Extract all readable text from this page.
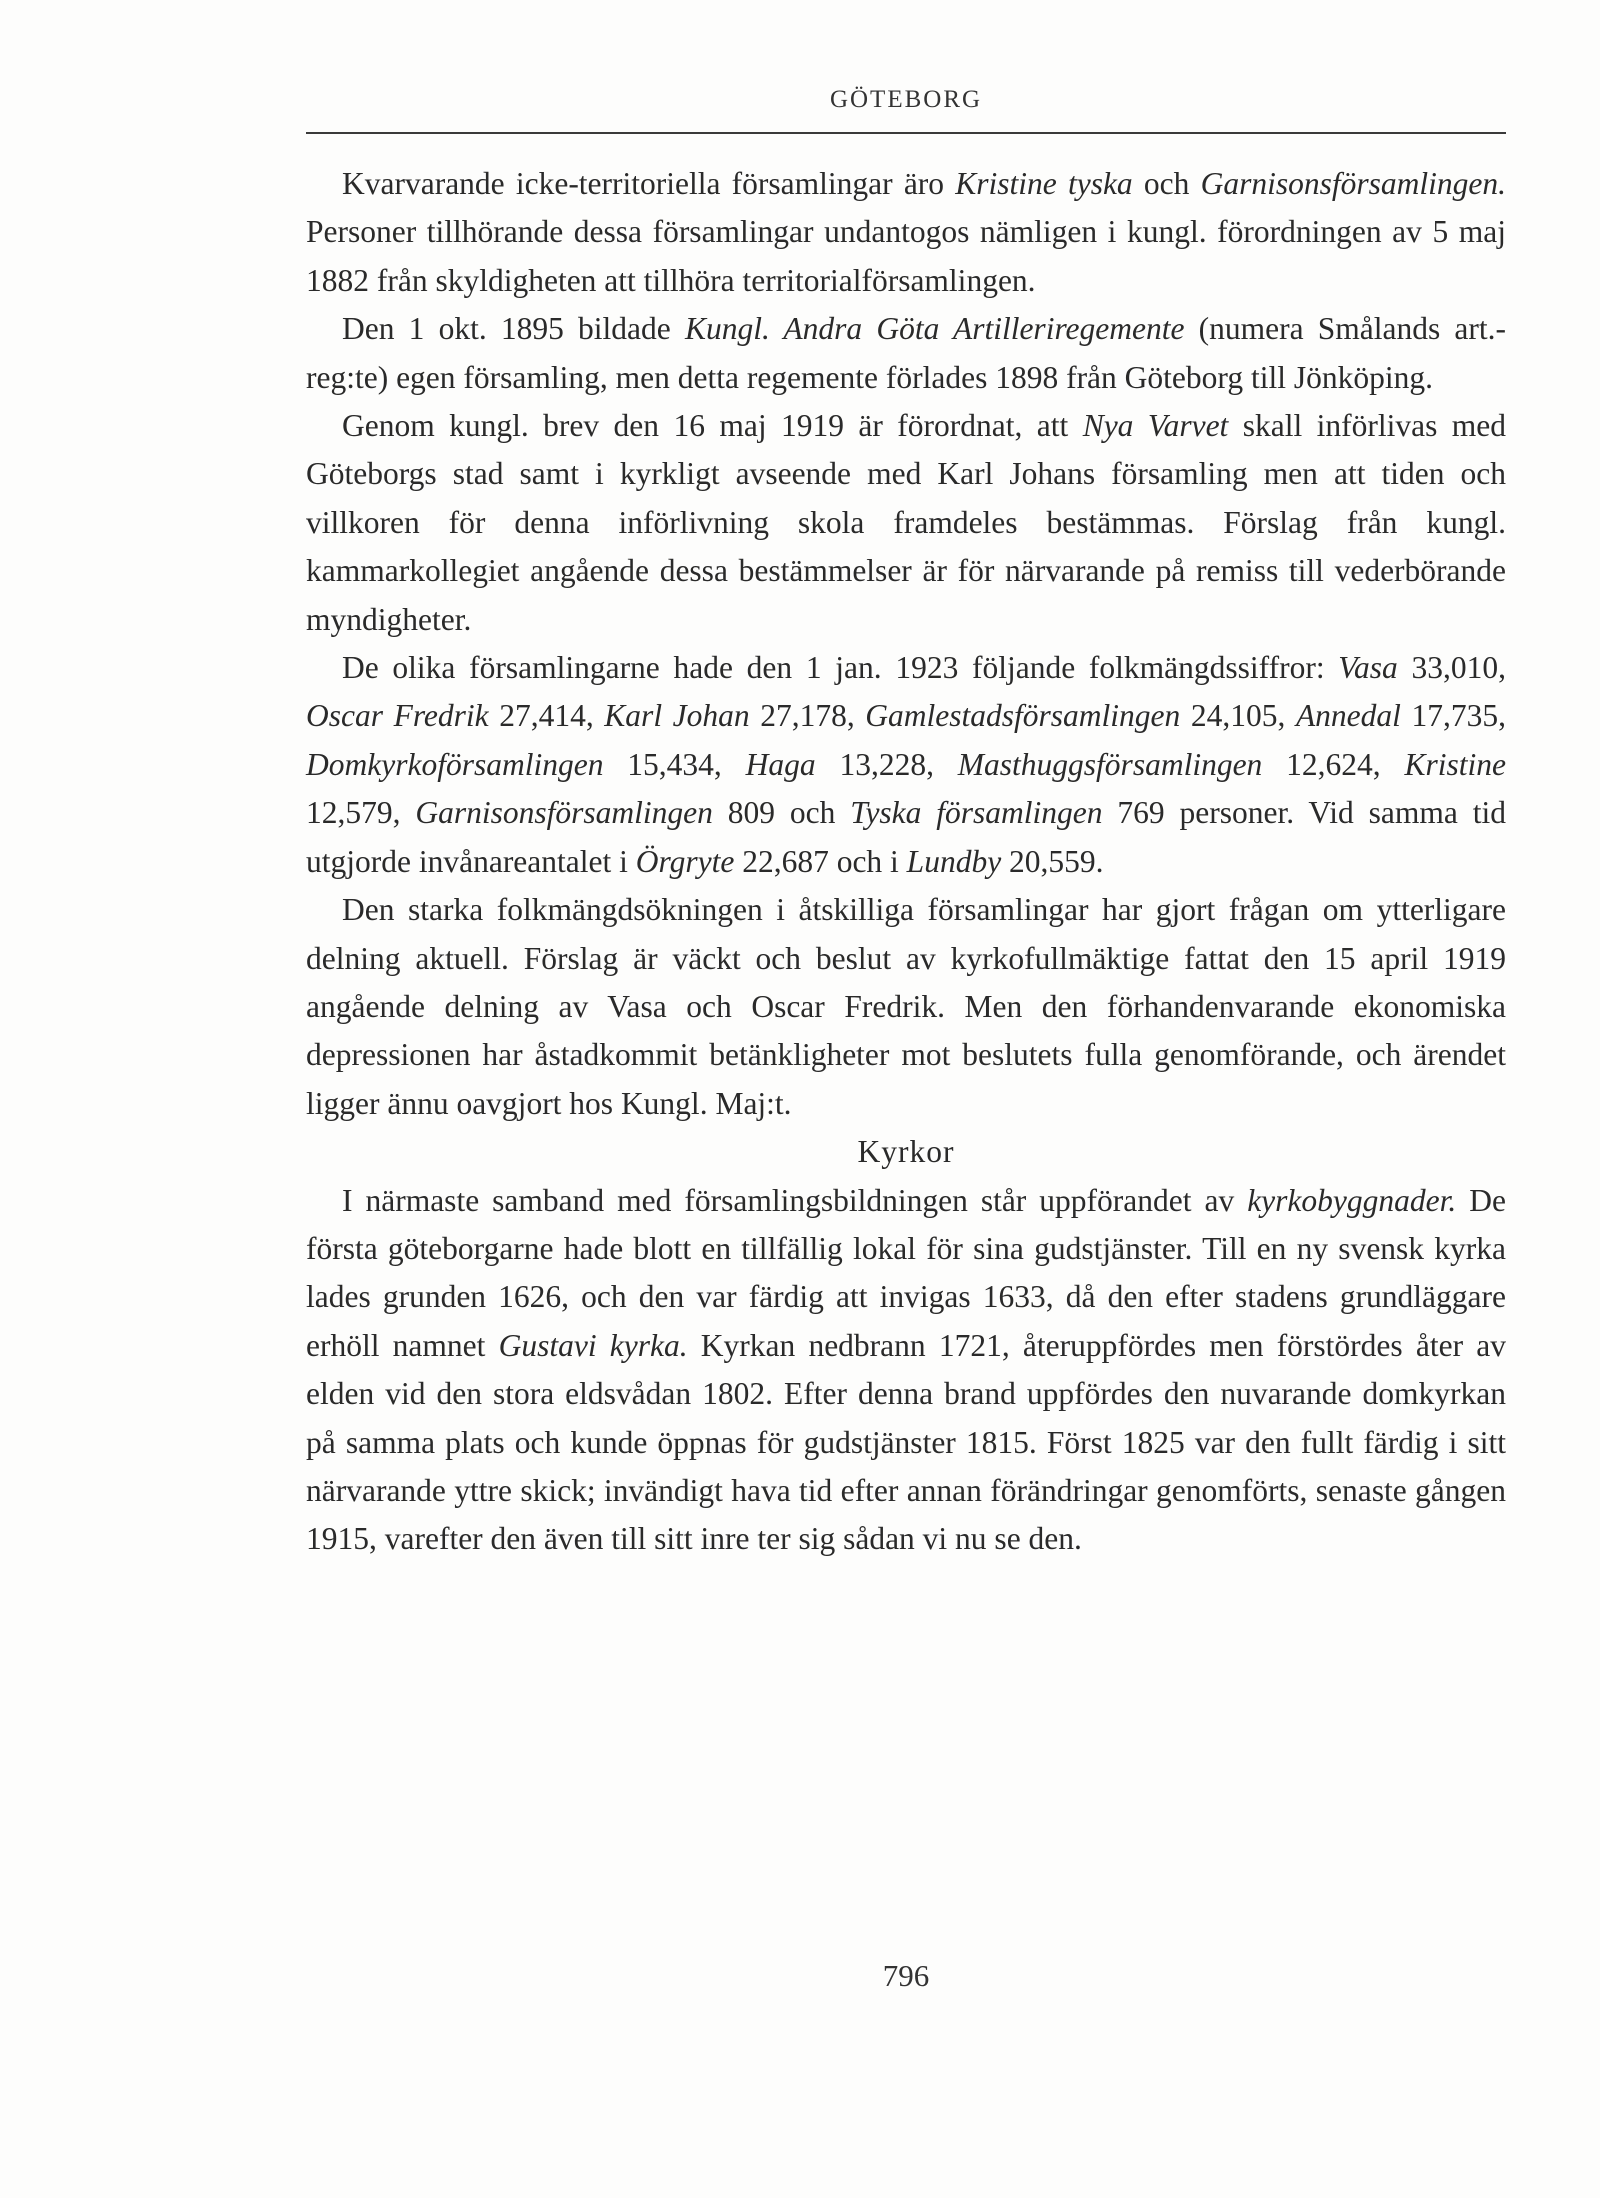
GÖTEBORG

Kvarvarande icke-territoriella församlingar äro Kristine tyska och Garnisonsförsamlingen. Personer tillhörande dessa församlingar undantogos nämligen i kungl. förordningen av 5 maj 1882 från skyldigheten att tillhöra territorialförsamlingen.

Den 1 okt. 1895 bildade Kungl. Andra Göta Artilleriregemente (numera Smålands art.-reg:te) egen församling, men detta regemente förlades 1898 från Göteborg till Jönköping.

Genom kungl. brev den 16 maj 1919 är förordnat, att Nya Varvet skall införlivas med Göteborgs stad samt i kyrkligt avseende med Karl Johans församling men att tiden och villkoren för denna införlivning skola framdeles bestämmas. Förslag från kungl. kammarkollegiet angående dessa bestämmelser är för närvarande på remiss till vederbörande myndigheter.

De olika församlingarne hade den 1 jan. 1923 följande folkmängdssiffror: Vasa 33,010, Oscar Fredrik 27,414, Karl Johan 27,178, Gamlestadsförsamlingen 24,105, Annedal 17,735, Domkyrkoförsamlingen 15,434, Haga 13,228, Masthuggsförsamlingen 12,624, Kristine 12,579, Garnisonsförsamlingen 809 och Tyska församlingen 769 personer. Vid samma tid utgjorde invånareantalet i Örgryte 22,687 och i Lundby 20,559.

Den starka folkmängdsökningen i åtskilliga församlingar har gjort frågan om ytterligare delning aktuell. Förslag är väckt och beslut av kyrkofullmäktige fattat den 15 april 1919 angående delning av Vasa och Oscar Fredrik. Men den förhandenvarande ekonomiska depressionen har åstadkommit betänkligheter mot beslutets fulla genomförande, och ärendet ligger ännu oavgjort hos Kungl. Maj:t.

Kyrkor

I närmaste samband med församlingsbildningen står uppförandet av kyrkobyggnader. De första göteborgarne hade blott en tillfällig lokal för sina gudstjänster. Till en ny svensk kyrka lades grunden 1626, och den var färdig att invigas 1633, då den efter stadens grundläggare erhöll namnet Gustavi kyrka. Kyrkan nedbrann 1721, återuppfördes men förstördes åter av elden vid den stora eldsvådan 1802. Efter denna brand uppfördes den nuvarande domkyrkan på samma plats och kunde öppnas för gudstjänster 1815. Först 1825 var den fullt färdig i sitt närvarande yttre skick; invändigt hava tid efter annan förändringar genomförts, senaste gången 1915, varefter den även till sitt inre ter sig sådan vi nu se den.

796
